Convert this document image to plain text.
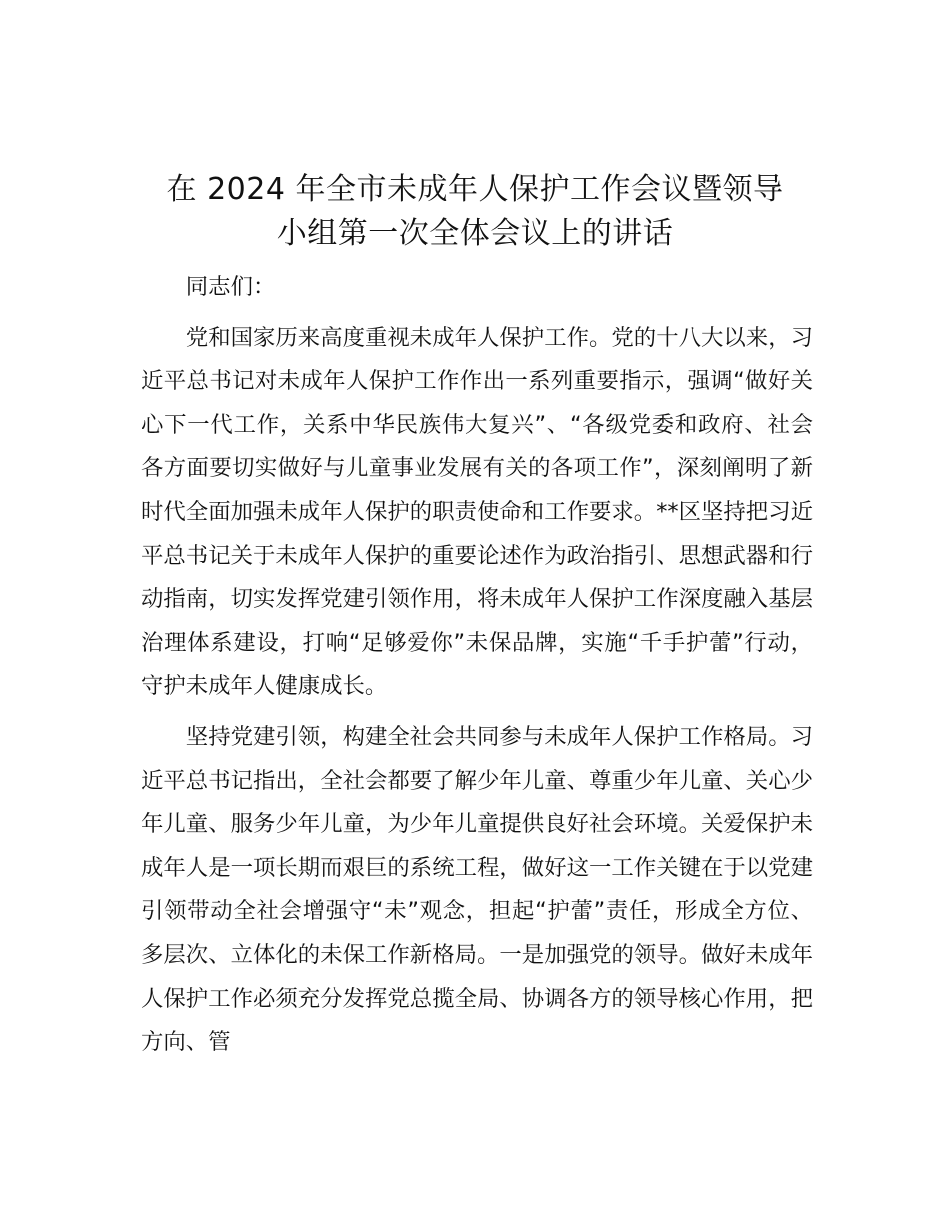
在 2024 年全市未成年人保护工作会议暨领导
小组第一次全体会议上的讲话

同志们：

党和国家历来高度重视未成年人保护工作。党的十八大以来，习近平总书记对未成年人保护工作作出一系列重要指示，强调“做好关心下一代工作，关系中华民族伟大复兴”、“各级党委和政府、社会各方面要切实做好与儿童事业发展有关的各项工作”，深刻阐明了新时代全面加强未成年人保护的职责使命和工作要求。**区坚持把习近平总书记关于未成年人保护的重要论述作为政治指引、思想武器和行动指南，切实发挥党建引领作用，将未成年人保护工作深度融入基层治理体系建设，打响“足够爱你”未保品牌，实施“千手护蕾”行动，守护未成年人健康成长。

坚持党建引领，构建全社会共同参与未成年人保护工作格局。习近平总书记指出，全社会都要了解少年儿童、尊重少年儿童、关心少年儿童、服务少年儿童，为少年儿童提供良好社会环境。关爱保护未成年人是一项长期而艰巨的系统工程，做好这一工作关键在于以党建引领带动全社会增强守“未”观念，担起“护蕾”责任，形成全方位、多层次、立体化的未保工作新格局。一是加强党的领导。做好未成年人保护工作必须充分发挥党总揽全局、协调各方的领导核心作用，把方向、管
